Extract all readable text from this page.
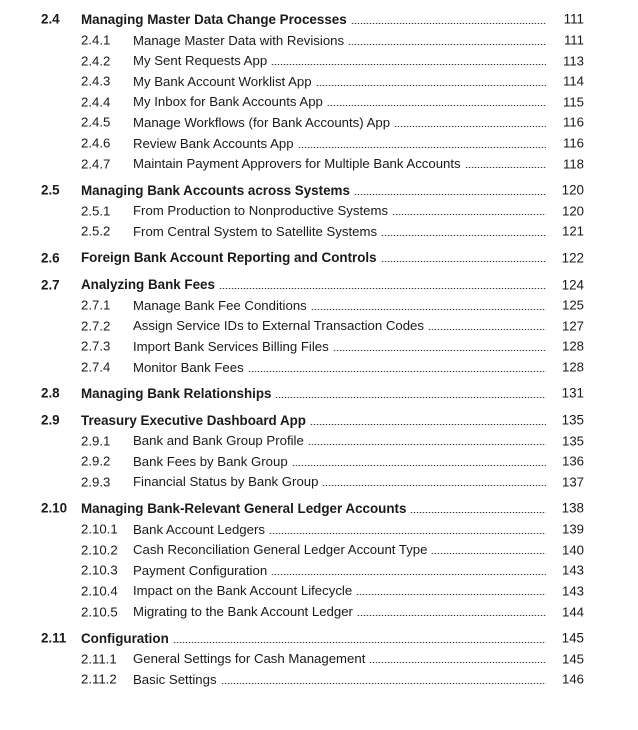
2.4 Managing Master Data Change Processes	111
2.4.1 Manage Master Data with Revisions	111
2.4.2 My Sent Requests App	113
2.4.3 My Bank Account Worklist App	114
2.4.4 My Inbox for Bank Accounts App	115
2.4.5 Manage Workflows (for Bank Accounts) App	116
2.4.6 Review Bank Accounts App	116
2.4.7 Maintain Payment Approvers for Multiple Bank Accounts	118
2.5 Managing Bank Accounts across Systems	120
2.5.1 From Production to Nonproductive Systems	120
2.5.2 From Central System to Satellite Systems	121
2.6 Foreign Bank Account Reporting and Controls	122
2.7 Analyzing Bank Fees	124
2.7.1 Manage Bank Fee Conditions	125
2.7.2 Assign Service IDs to External Transaction Codes	127
2.7.3 Import Bank Services Billing Files	128
2.7.4 Monitor Bank Fees	128
2.8 Managing Bank Relationships	131
2.9 Treasury Executive Dashboard App	135
2.9.1 Bank and Bank Group Profile	135
2.9.2 Bank Fees by Bank Group	136
2.9.3 Financial Status by Bank Group	137
2.10 Managing Bank-Relevant General Ledger Accounts	138
2.10.1 Bank Account Ledgers	139
2.10.2 Cash Reconciliation General Ledger Account Type	140
2.10.3 Payment Configuration	143
2.10.4 Impact on the Bank Account Lifecycle	143
2.10.5 Migrating to the Bank Account Ledger	144
2.11 Configuration	145
2.11.1 General Settings for Cash Management	145
2.11.2 Basic Settings	146
